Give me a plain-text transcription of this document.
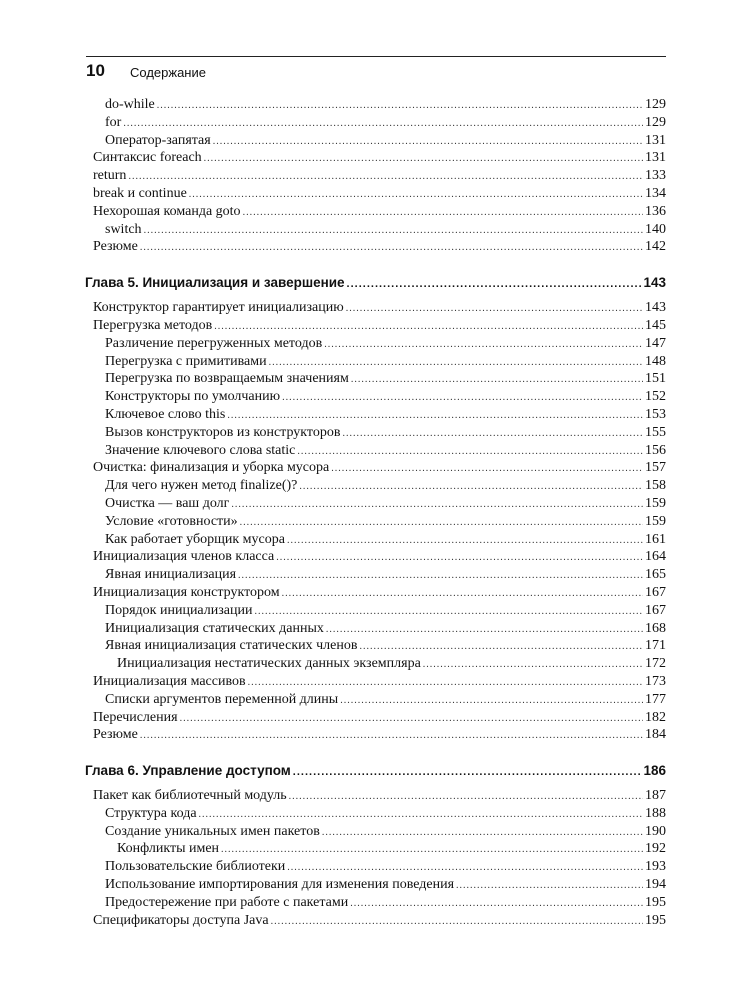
10 Содержание
do-while .....	129
for .....	129
Оператор-запятая .....	131
Синтаксис foreach .....	131
return .....	133
break и continue .....	134
Нехорошая команда goto .....	136
switch .....	140
Резюме .....	142
Глава 5. Инициализация и завершение .....	143
Конструктор гарантирует инициализацию .....	143
Перегрузка методов .....	145
Различение перегруженных методов .....	147
Перегрузка с примитивами .....	148
Перегрузка по возвращаемым значениям .....	151
Конструкторы по умолчанию .....	152
Ключевое слово this .....	153
Вызов конструкторов из конструкторов .....	155
Значение ключевого слова static .....	156
Очистка: финализация и уборка мусора .....	157
Для чего нужен метод finalize()? .....	158
Очистка — ваш долг .....	159
Условие «готовности» .....	159
Как работает уборщик мусора .....	161
Инициализация членов класса .....	164
Явная инициализация .....	165
Инициализация конструктором .....	167
Порядок инициализации .....	167
Инициализация статических данных .....	168
Явная инициализация статических членов .....	171
Инициализация нестатических данных экземпляра .....	172
Инициализация массивов .....	173
Списки аргументов переменной длины .....	177
Перечисления .....	182
Резюме .....	184
Глава 6. Управление доступом .....	186
Пакет как библиотечный модуль .....	187
Структура кода .....	188
Создание уникальных имен пакетов .....	190
Конфликты имен .....	192
Пользовательские библиотеки .....	193
Использование импортирования для изменения поведения .....	194
Предостережение при работе с пакетами .....	195
Спецификаторы доступа Java .....	195
